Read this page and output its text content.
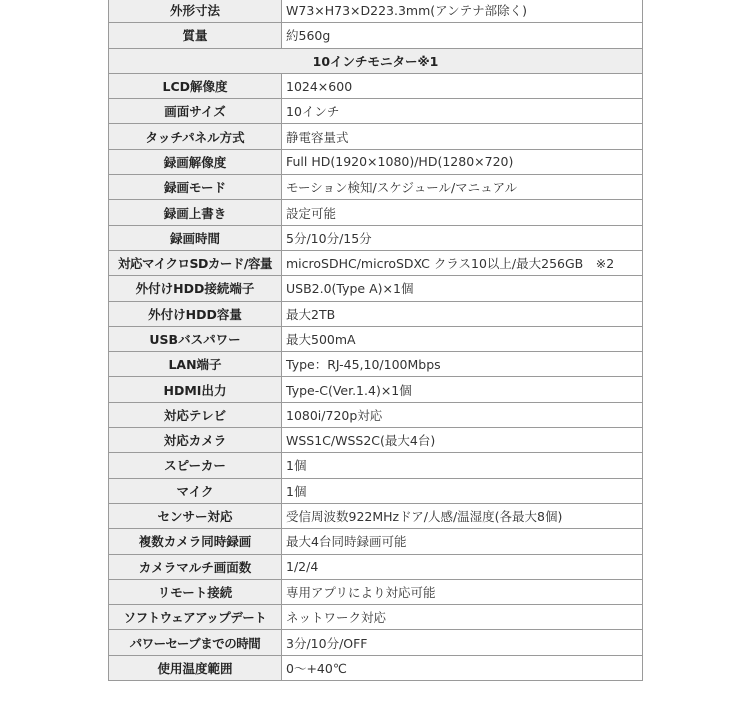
外形寸法	W73×H73×D223.3mm(アンテナ部除く)
質量	約560g
10インチモニター※1	
LCD解像度	1024×600
画面サイズ	10インチ
タッチパネル方式	静電容量式
録画解像度	Full HD(1920×1080)/HD(1280×720)
録画モード	モーション検知/スケジュール/マニュアル
録画上書き	設定可能
録画時間	5分/10分/15分
対応マイクロSDカード/容量	microSDHC/microSDXC クラス10以上/最大256GB　※2
外付けHDD接続端子	USB2.0(Type A)×1個
外付けHDD容量	最大2TB
USBバスパワー	最大500mA
LAN端子	Type：RJ-45,10/100Mbps
HDMI出力	Type-C(Ver.1.4)×1個
対応テレビ	1080i/720p対応
対応カメラ	WSS1C/WSS2C(最大4台)
スピーカー	1個
マイク	1個
センサー対応	受信周波数922MHzドア/人感/温湿度(各最大8個)
複数カメラ同時録画	最大4台同時録画可能
カメラマルチ画面数	1/2/4
リモート接続	専用アプリにより対応可能
ソフトウェアアップデート	ネットワーク対応
パワーセーブまでの時間	3分/10分/OFF
使用温度範囲	0～+40℃
